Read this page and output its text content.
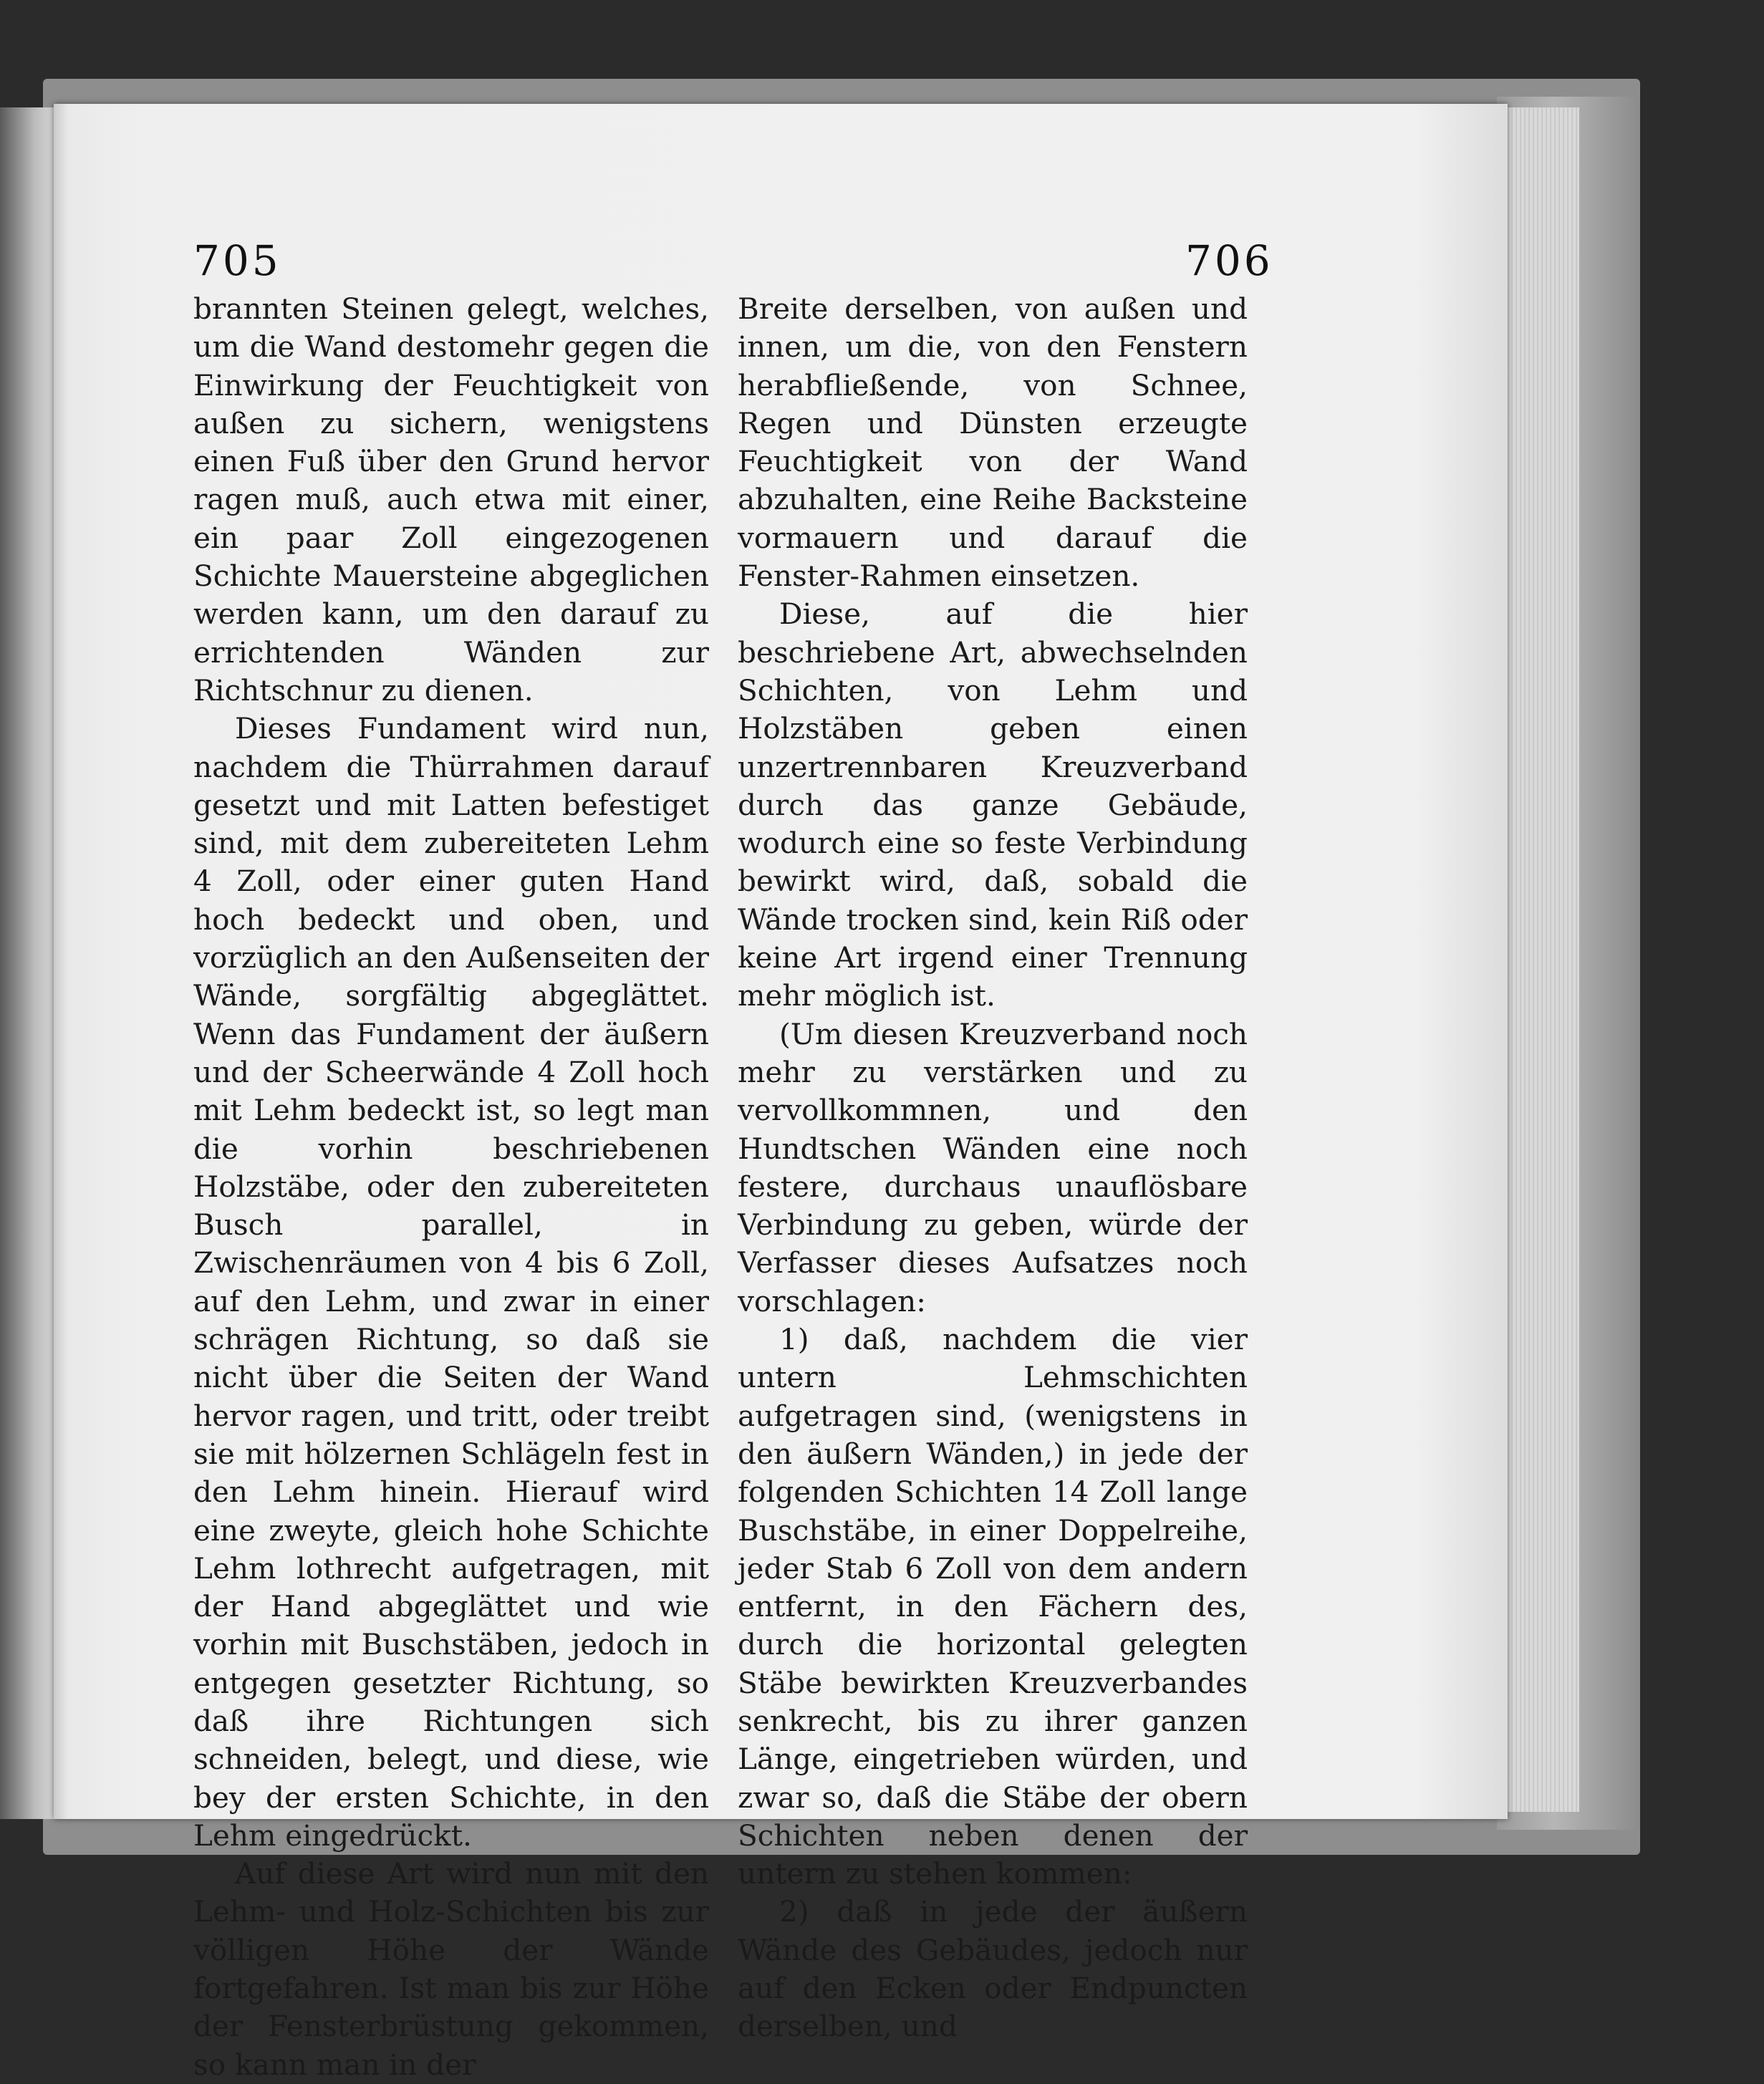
705	706

brannten Steinen gelegt, welches, um die Wand destomehr gegen die Einwirkung der Feuchtigkeit von außen zu sichern, wenigstens einen Fuß über den Grund hervor ragen muß, auch etwa mit einer, ein paar Zoll eingezogenen Schichte Mauersteine abgeglichen werden kann, um den darauf zu errichtenden Wänden zur Richtschnur zu dienen.

Dieses Fundament wird nun, nachdem die Thürrahmen darauf gesetzt und mit Latten befestiget sind, mit dem zubereiteten Lehm 4 Zoll, oder einer guten Hand hoch bedeckt und oben, und vorzüglich an den Außenseiten der Wände, sorgfältig abgeglättet. Wenn das Fundament der äußern und der Scheerwände 4 Zoll hoch mit Lehm bedeckt ist, so legt man die vorhin beschriebenen Holzstäbe, oder den zubereiteten Busch parallel, in Zwischenräumen von 4 bis 6 Zoll, auf den Lehm, und zwar in einer schrägen Richtung, so daß sie nicht über die Seiten der Wand hervor ragen, und tritt, oder treibt sie mit hölzernen Schlägeln fest in den Lehm hinein. Hierauf wird eine zweyte, gleich hohe Schichte Lehm lothrecht aufgetragen, mit der Hand abgeglättet und wie vorhin mit Buschstäben, jedoch in entgegen gesetzter Richtung, so daß ihre Richtungen sich schneiden, belegt, und diese, wie bey der ersten Schichte, in den Lehm eingedrückt.

Auf diese Art wird nun mit den Lehm- und Holz-Schichten bis zur völligen Höhe der Wände fortgefahren. Ist man bis zur Höhe der Fensterbrüstung gekommen, so kann man in der

Breite derselben, von außen und innen, um die, von den Fenstern herabfließende, von Schnee, Regen und Dünsten erzeugte Feuchtigkeit von der Wand abzuhalten, eine Reihe Backsteine vormauern und darauf die Fenster-Rahmen einsetzen.

Diese, auf die hier beschriebene Art, abwechselnden Schichten, von Lehm und Holzstäben geben einen unzertrennbaren Kreuzverband durch das ganze Gebäude, wodurch eine so feste Verbindung bewirkt wird, daß, sobald die Wände trocken sind, kein Riß oder keine Art irgend einer Trennung mehr möglich ist.

(Um diesen Kreuzverband noch mehr zu verstärken und zu vervollkommnen, und den Hundtschen Wänden eine noch festere, durchaus unauflösbare Verbindung zu geben, würde der Verfasser dieses Aufsatzes noch vorschlagen:

1) daß, nachdem die vier untern Lehmschichten aufgetragen sind, (wenigstens in den äußern Wänden,) in jede der folgenden Schichten 14 Zoll lange Buschstäbe, in einer Doppelreihe, jeder Stab 6 Zoll von dem andern entfernt, in den Fächern des, durch die horizontal gelegten Stäbe bewirkten Kreuzverbandes senkrecht, bis zu ihrer ganzen Länge, eingetrieben würden, und zwar so, daß die Stäbe der obern Schichten neben denen der untern zu stehen kommen:

2) daß in jede der äußern Wände des Gebäudes, jedoch nur auf den Ecken oder Endpuncten derselben, und
